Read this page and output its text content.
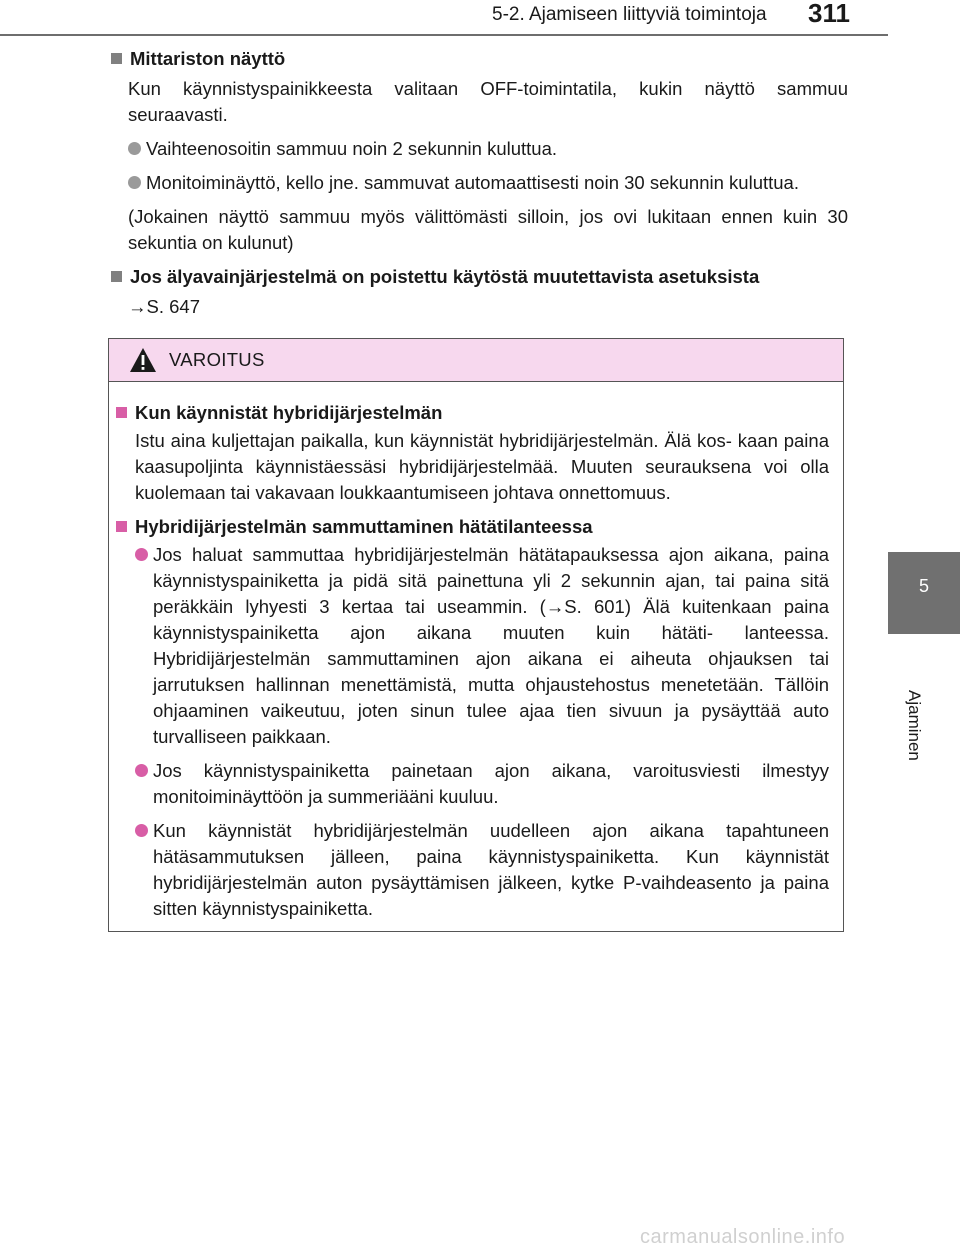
5-2. Ajamiseen liittyviä toimintoja 311
5
Ajaminen
Mittariston näyttö

Kun käynnistyspainikkeesta valitaan OFF-toimintatila, kukin näyttö sammuu seuraavasti.

Vaihteenosoitin sammuu noin 2 sekunnin kuluttua.
Monitoiminäyttö, kello jne. sammuvat automaattisesti noin 30 sekunnin kuluttua.

(Jokainen näyttö sammuu myös välittömästi silloin, jos ovi lukitaan ennen kuin 30 sekuntia on kulunut)

Jos älyavainjärjestelmä on poistettu käytöstä muutettavista asetuksista
→S. 647
VAROITUS
Kun käynnistät hybridijärjestelmän

Istu aina kuljettajan paikalla, kun käynnistät hybridijärjestelmän. Älä kos- kaan paina kaasupoljinta käynnistäessäsi hybridijärjestelmää. Muuten seurauksena voi olla kuolemaan tai vakavaan loukkaantumiseen johtava onnettomuus.

Hybridijärjestelmän sammuttaminen hätätilanteessa
Jos haluat sammuttaa hybridijärjestelmän hätätapauksessa ajon aikana, paina käynnistyspainiketta ja pidä sitä painettuna yli 2 sekunnin ajan, tai paina sitä peräkkäin lyhyesti 3 kertaa tai useammin. (→S. 601) Älä kuitenkaan paina käynnistyspainiketta ajon aikana muuten kuin hätäti- lanteessa. Hybridijärjestelmän sammuttaminen ajon aikana ei aiheuta ohjauksen tai jarrutuksen hallinnan menettämistä, mutta ohjaustehostus menetetään. Tällöin ohjaaminen vaikeutuu, joten sinun tulee ajaa tien sivuun ja pysäyttää auto turvalliseen paikkaan.
Jos käynnistyspainiketta painetaan ajon aikana, varoitusviesti ilmestyy monitoiminäyttöön ja summeriääni kuuluu.
Kun käynnistät hybridijärjestelmän uudelleen ajon aikana tapahtuneen hätäsammutuksen jälleen, paina käynnistyspainiketta. Kun käynnistät hybridijärjestelmän auton pysäyttämisen jälkeen, kytke P-vaihdeasento ja paina sitten käynnistyspainiketta.
carmanualsonline.info
